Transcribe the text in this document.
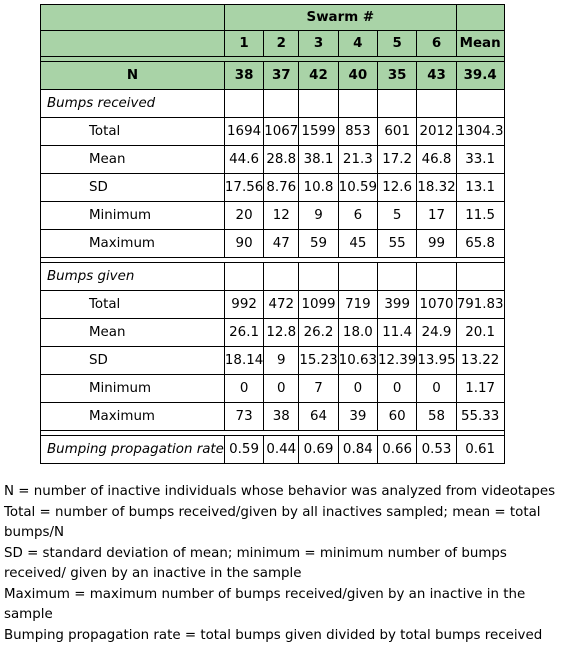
	Swarm #						
	1	2	3	4	5	6	Mean

N	38	37	42	40	35	43	39.4
Bumps received							
Total	1694	1067	1599	853	601	2012	1304.3
Mean	44.6	28.8	38.1	21.3	17.2	46.8	33.1
SD	17.56	8.76	10.8	10.59	12.6	18.32	13.1
Minimum	20	12	9	6	5	17	11.5
Maximum	90	47	59	45	55	99	65.8

Bumps given							
Total	992	472	1099	719	399	1070	791.83
Mean	26.1	12.8	26.2	18.0	11.4	24.9	20.1
SD	18.14	9	15.23	10.63	12.39	13.95	13.22
Minimum	0	0	7	0	0	0	1.17
Maximum	73	38	64	39	60	58	55.33

Bumping propagation rate	0.59	0.44	0.69	0.84	0.66	0.53	0.61

N = number of inactive individuals whose behavior was analyzed from videotapes

Total = number of bumps received/given by all inactives sampled; mean = total bumps/N

SD = standard deviation of mean; minimum = minimum number of bumps received/ given by an inactive in the sample

Maximum = maximum number of bumps received/given by an inactive in the sample

Bumping propagation rate = total bumps given divided by total bumps received
